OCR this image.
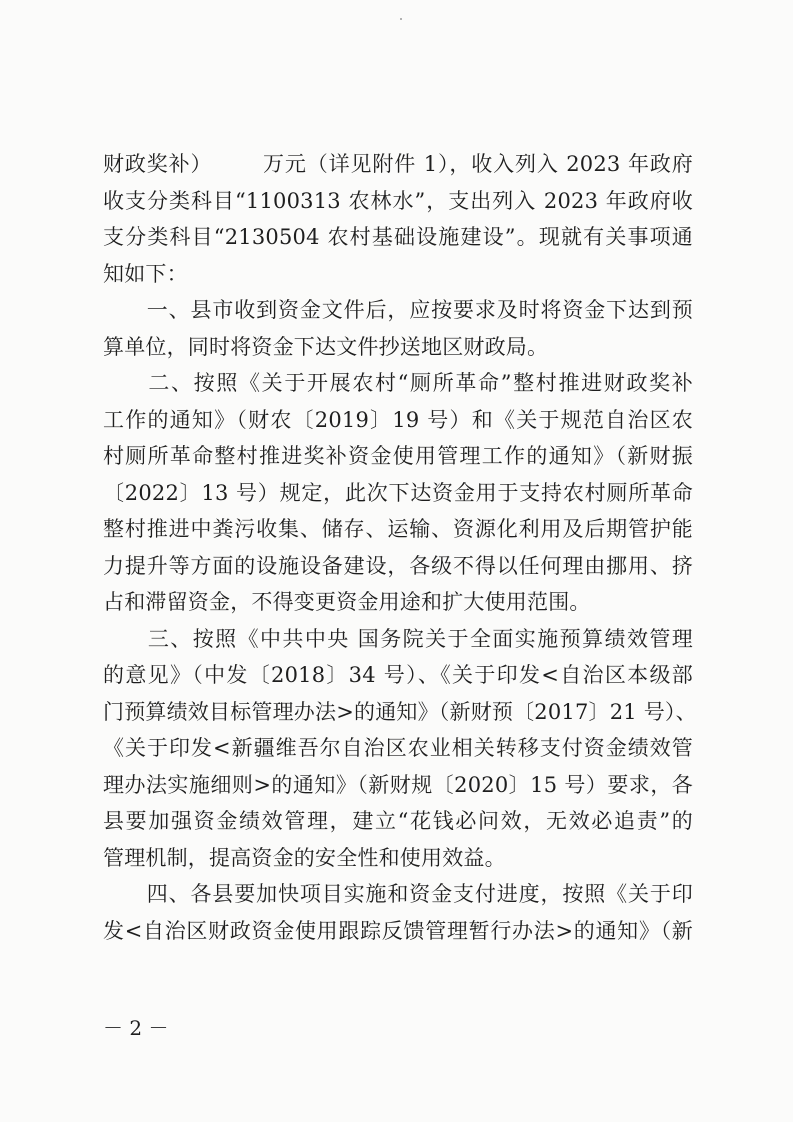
财政奖补） 万元（详见附件 1），收入列入 2023 年政府
收支分类科目“1100313 农林水”，支出列入 2023 年政府收
支分类科目“2130504 农村基础设施建设”。现就有关事项通
知如下：
　　一、县市收到资金文件后，应按要求及时将资金下达到预
算单位，同时将资金下达文件抄送地区财政局。
　　二、按照《关于开展农村“厕所革命”整村推进财政奖补
工作的通知》（财农〔2019〕19 号）和《关于规范自治区农
村厕所革命整村推进奖补资金使用管理工作的通知》（新财振
〔2022〕13 号）规定，此次下达资金用于支持农村厕所革命
整村推进中粪污收集、储存、运输、资源化利用及后期管护能
力提升等方面的设施设备建设，各级不得以任何理由挪用、挤
占和滞留资金，不得变更资金用途和扩大使用范围。
　　三、按照《中共中央 国务院关于全面实施预算绩效管理
的意见》（中发〔2018〕34 号）、《关于印发<自治区本级部
门预算绩效目标管理办法>的通知》（新财预〔2017〕21 号）、
《关于印发<新疆维吾尔自治区农业相关转移支付资金绩效管
理办法实施细则>的通知》（新财规〔2020〕15 号）要求，各
县要加强资金绩效管理，建立“花钱必问效，无效必追责”的
管理机制，提高资金的安全性和使用效益。
　　四、各县要加快项目实施和资金支付进度，按照《关于印
发<自治区财政资金使用跟踪反馈管理暂行办法>的通知》（新
－ 2 －
